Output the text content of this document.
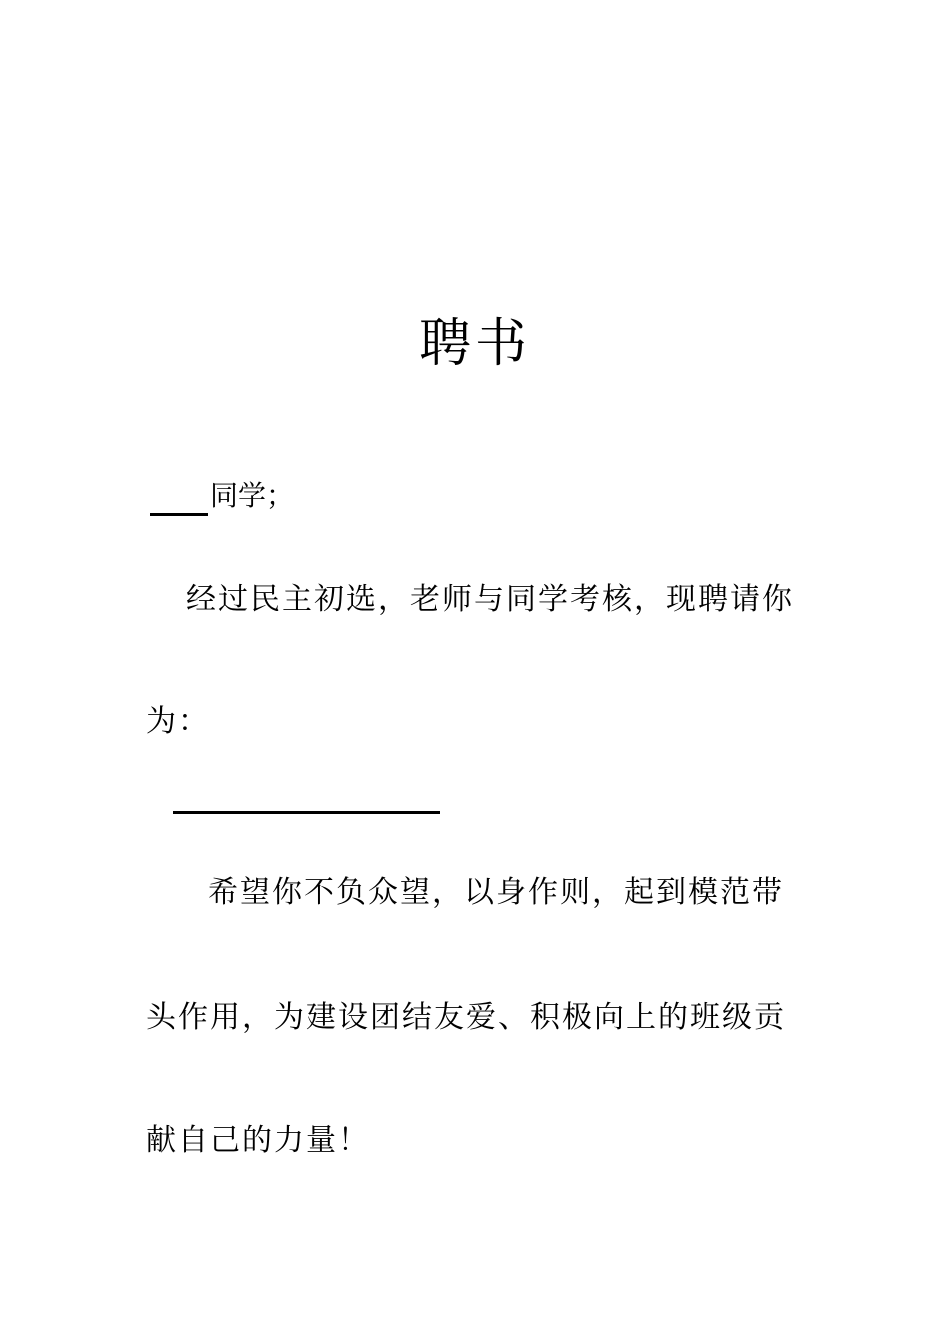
聘书
同学；
经过民主初选，老师与同学考核，现聘请你
为：
希望你不负众望，以身作则，起到模范带
头作用，为建设团结友爱、积极向上的班级贡
献自己的力量！
